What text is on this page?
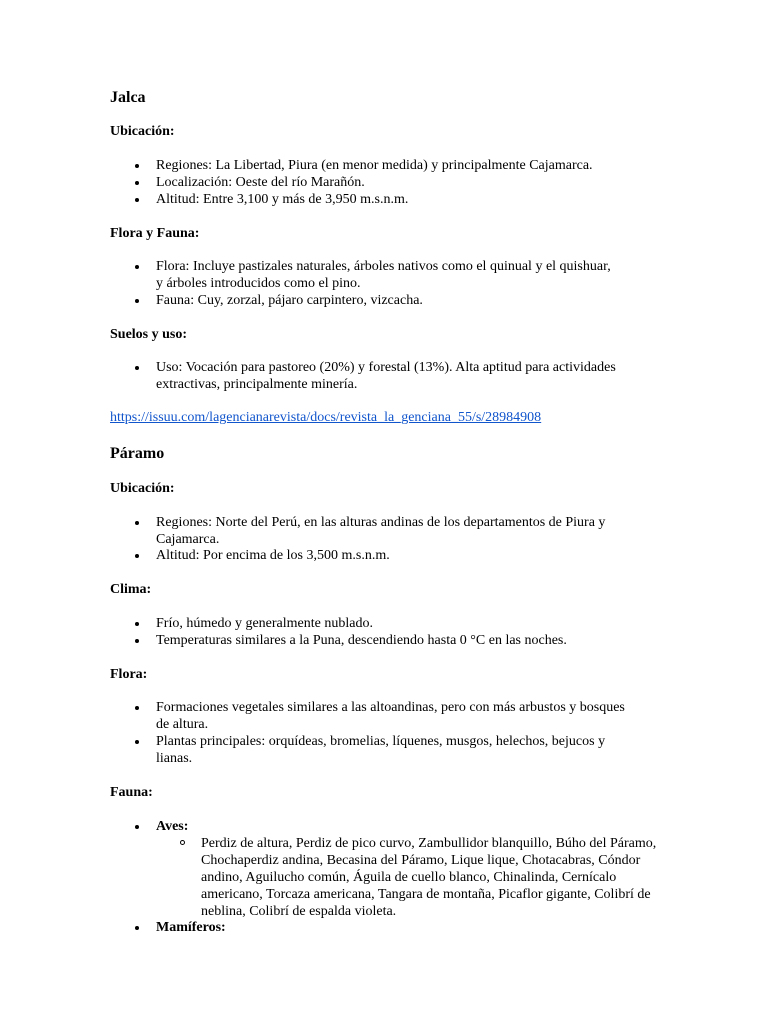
Jalca
Ubicación:
Regiones: La Libertad, Piura (en menor medida) y principalmente Cajamarca.
Localización: Oeste del río Marañón.
Altitud: Entre 3,100 y más de 3,950 m.s.n.m.
Flora y Fauna:
Flora: Incluye pastizales naturales, árboles nativos como el quinual y el quishuar, y árboles introducidos como el pino.
Fauna: Cuy, zorzal, pájaro carpintero, vizcacha.
Suelos y uso:
Uso: Vocación para pastoreo (20%) y forestal (13%). Alta aptitud para actividades extractivas, principalmente minería.
https://issuu.com/lagencianarevista/docs/revista_la_genciana_55/s/28984908
Páramo
Ubicación:
Regiones: Norte del Perú, en las alturas andinas de los departamentos de Piura y Cajamarca.
Altitud: Por encima de los 3,500 m.s.n.m.
Clima:
Frío, húmedo y generalmente nublado.
Temperaturas similares a la Puna, descendiendo hasta 0 °C en las noches.
Flora:
Formaciones vegetales similares a las altoandinas, pero con más arbustos y bosques de altura.
Plantas principales: orquídeas, bromelias, líquenes, musgos, helechos, bejucos y lianas.
Fauna:
Aves:
Perdiz de altura, Perdiz de pico curvo, Zambullidor blanquillo, Búho del Páramo, Chochaperdiz andina, Becasina del Páramo, Lique lique, Chotacabras, Cóndor andino, Aguilucho común, Águila de cuello blanco, Chinalinda, Cernícalo americano, Torcaza americana, Tangara de montaña, Picaflor gigante, Colibrí de neblina, Colibrí de espalda violeta.
Mamíferos:
